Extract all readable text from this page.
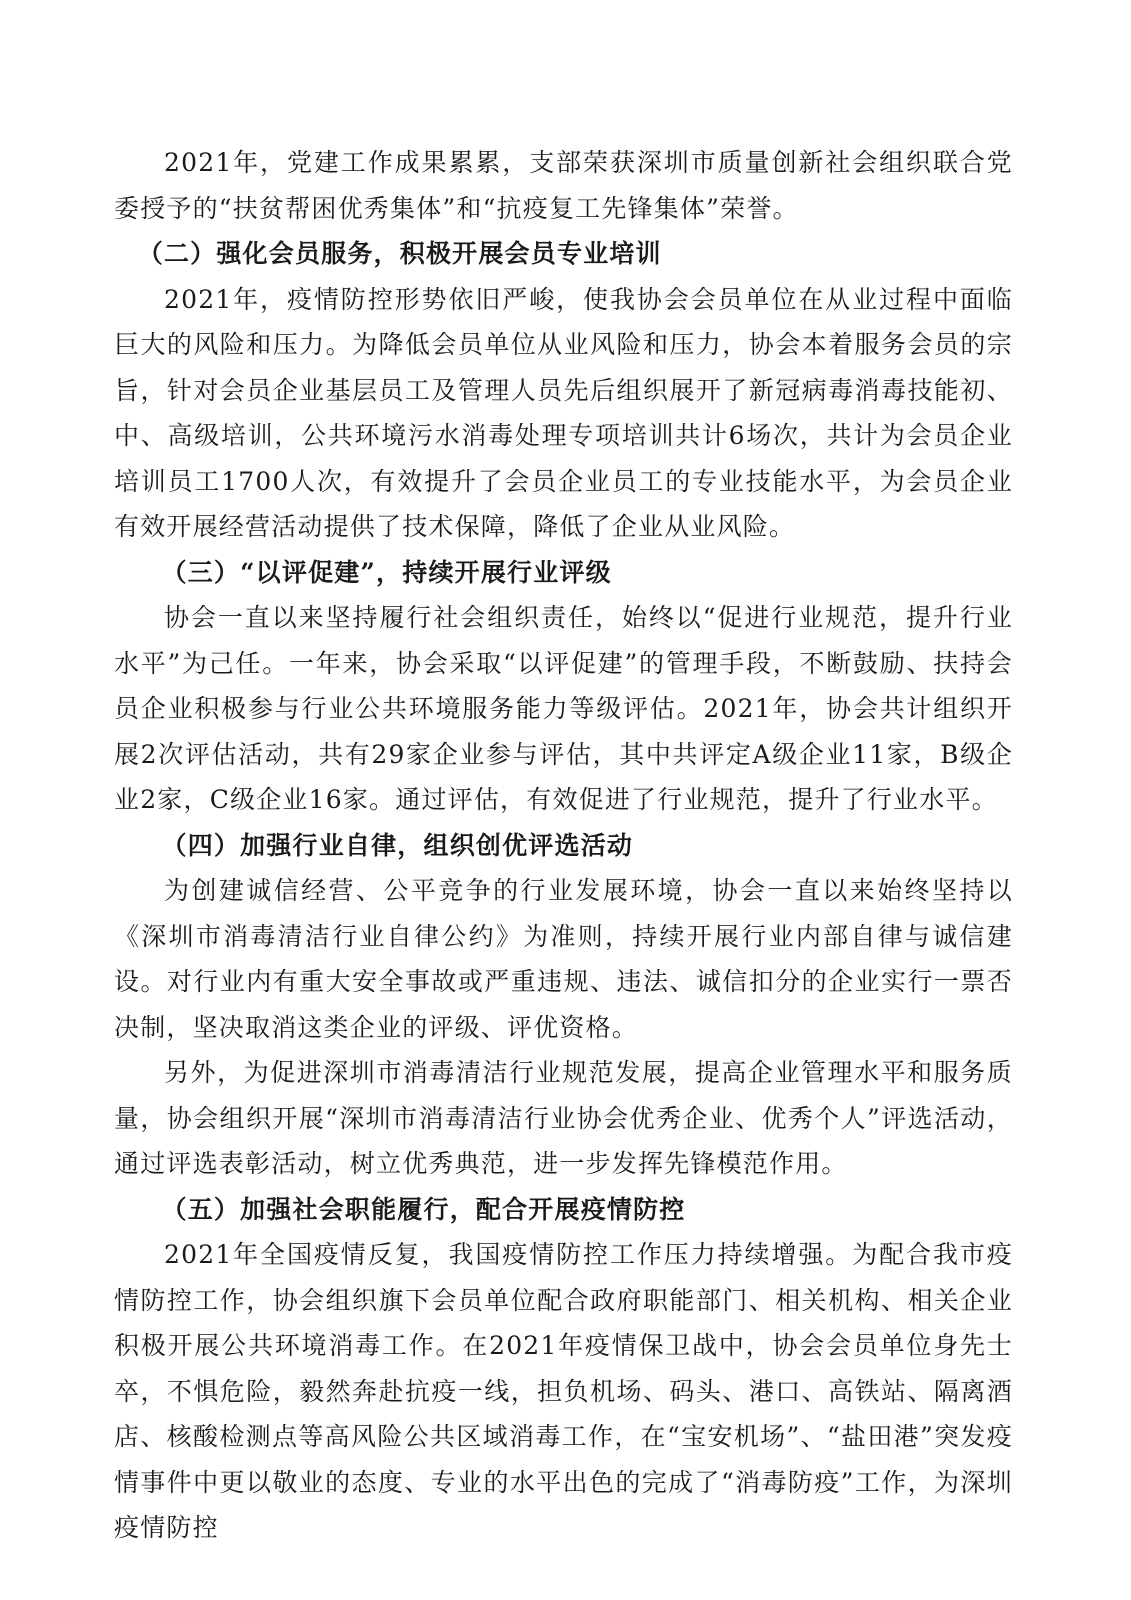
2021年，党建工作成果累累，支部荣获深圳市质量创新社会组织联合党委授予的“扶贫帮困优秀集体”和“抗疫复工先锋集体”荣誉。

（二）强化会员服务，积极开展会员专业培训

2021年，疫情防控形势依旧严峻，使我协会会员单位在从业过程中面临巨大的风险和压力。为降低会员单位从业风险和压力，协会本着服务会员的宗旨，针对会员企业基层员工及管理人员先后组织展开了新冠病毒消毒技能初、中、高级培训，公共环境污水消毒处理专项培训共计6场次，共计为会员企业培训员工1700人次，有效提升了会员企业员工的专业技能水平，为会员企业有效开展经营活动提供了技术保障，降低了企业从业风险。

（三）“以评促建”，持续开展行业评级

协会一直以来坚持履行社会组织责任，始终以“促进行业规范，提升行业水平”为己任。一年来，协会采取“以评促建”的管理手段，不断鼓励、扶持会员企业积极参与行业公共环境服务能力等级评估。2021年，协会共计组织开展2次评估活动，共有29家企业参与评估，其中共评定A级企业11家，B级企业2家，C级企业16家。通过评估，有效促进了行业规范，提升了行业水平。

（四）加强行业自律，组织创优评选活动

为创建诚信经营、公平竞争的行业发展环境，协会一直以来始终坚持以《深圳市消毒清洁行业自律公约》为准则，持续开展行业内部自律与诚信建设。对行业内有重大安全事故或严重违规、违法、诚信扣分的企业实行一票否决制，坚决取消这类企业的评级、评优资格。

另外，为促进深圳市消毒清洁行业规范发展，提高企业管理水平和服务质量，协会组织开展“深圳市消毒清洁行业协会优秀企业、优秀个人”评选活动，通过评选表彰活动，树立优秀典范，进一步发挥先锋模范作用。

（五）加强社会职能履行，配合开展疫情防控

2021年全国疫情反复，我国疫情防控工作压力持续增强。为配合我市疫情防控工作，协会组织旗下会员单位配合政府职能部门、相关机构、相关企业积极开展公共环境消毒工作。在2021年疫情保卫战中，协会会员单位身先士卒，不惧危险，毅然奔赴抗疫一线，担负机场、码头、港口、高铁站、隔离酒店、核酸检测点等高风险公共区域消毒工作，在“宝安机场”、“盐田港”突发疫情事件中更以敬业的态度、专业的水平出色的完成了“消毒防疫”工作，为深圳疫情防控
